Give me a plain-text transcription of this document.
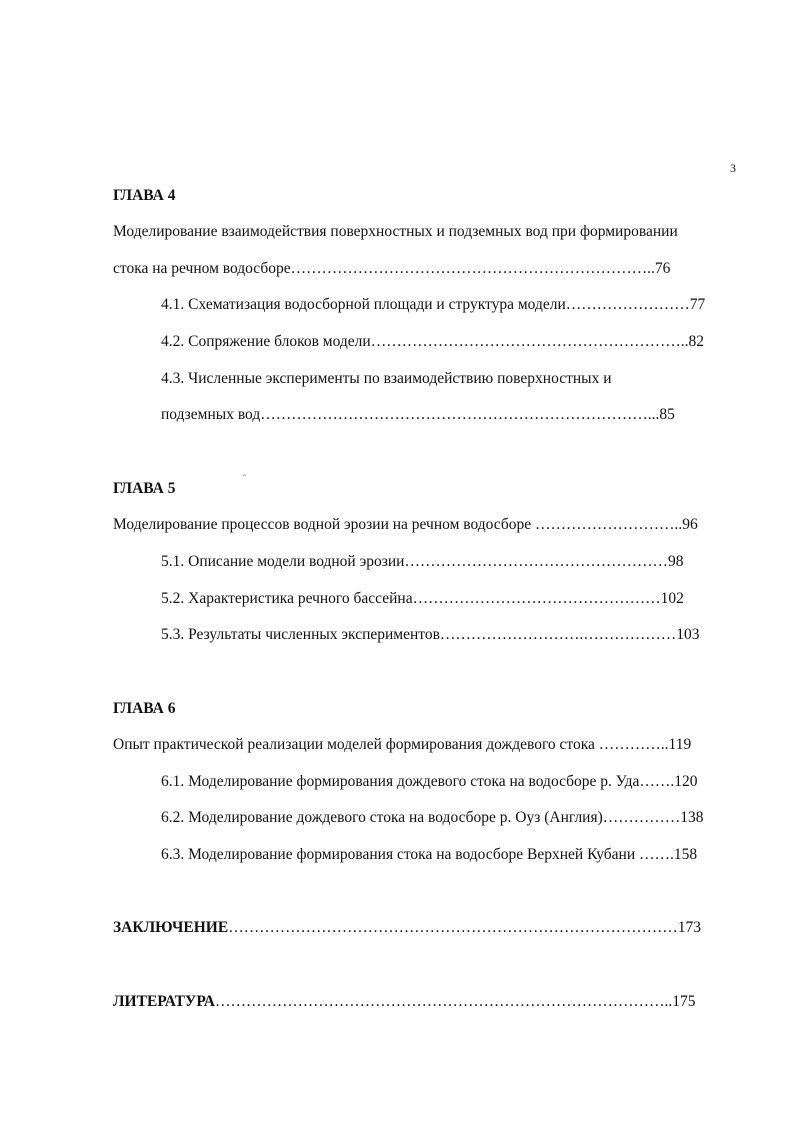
3
ГЛАВА 4
Моделирование взаимодействия поверхностных и подземных вод при формировании
стока на речном водосборе……………………………………………………………..76
4.1. Схематизация водосборной площади и структура модели……………………77
4.2. Сопряжение блоков модели……………………………………………………..82
4.3. Численные эксперименты по взаимодействию поверхностных и
подземных вод…………………………………………………………………...85
ГЛАВА 5
ˆ
Моделирование процессов водной эрозии на речном водосборе ………………………..96
5.1. Описание модели водной эрозии……………………………………………98
5.2. Характеристика речного бассейна…………………………………………102
5.3. Результаты численных экспериментов……………………….………………103
ГЛАВА 6
Опыт практической реализации моделей формирования дождевого стока …………..119
6.1. Моделирование формирования дождевого стока на водосборе р. Уда…….120
6.2. Моделирование дождевого стока на водосборе р. Оуз (Англия)……………138
6.3. Моделирование формирования стока на водосборе Верхней Кубани …….158
ЗАКЛЮЧЕНИЕ……………………………………………………………………………173
ЛИТЕРАТУРА……………………………………………………………………………..175
